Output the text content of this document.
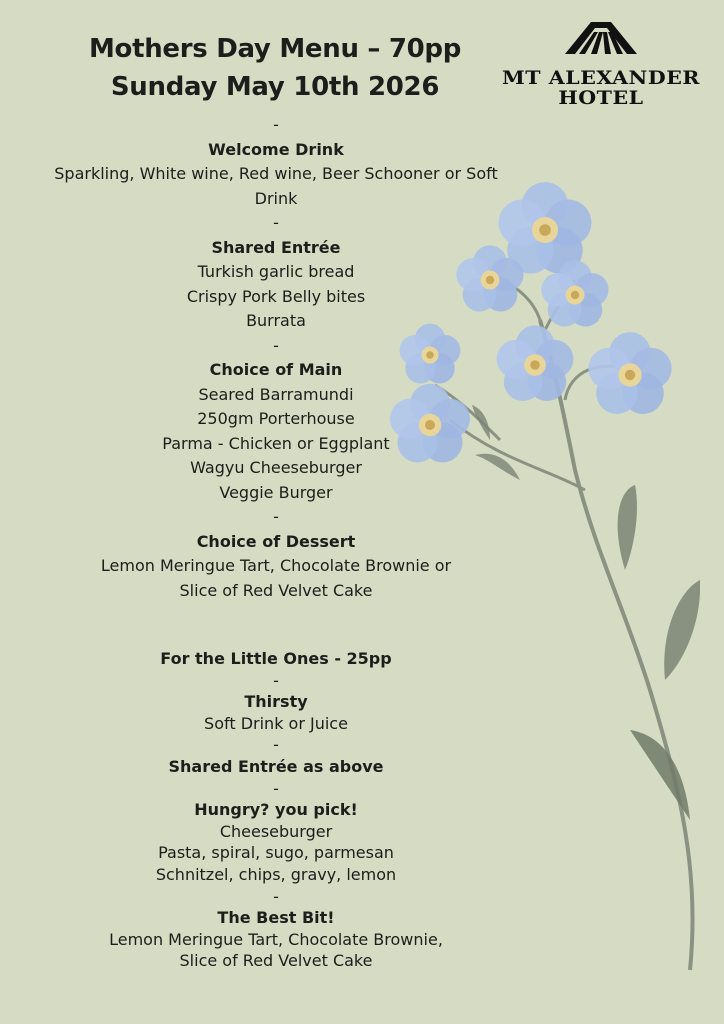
Mothers Day Menu – 70pp
Sunday May 10th 2026	MT ALEXANDER
HOTEL
-
Welcome Drink
Sparkling, White wine, Red wine, Beer Schooner or Soft
Drink
-
Shared Entrée
Turkish garlic bread
Crispy Pork Belly bites
Burrata
-
Choice of Main
Seared Barramundi
250gm Porterhouse
Parma - Chicken or Eggplant
Wagyu Cheeseburger
Veggie Burger
-
Choice of Dessert
Lemon Meringue Tart, Chocolate Brownie or
Slice of Red Velvet Cake
For the Little Ones - 25pp
-
Thirsty
Soft Drink or Juice
-
Shared Entrée as above
-
Hungry? you pick!
Cheeseburger
Pasta, spiral, sugo, parmesan
Schnitzel, chips, gravy, lemon
-
The Best Bit!
Lemon Meringue Tart, Chocolate Brownie,
Slice of Red Velvet Cake
